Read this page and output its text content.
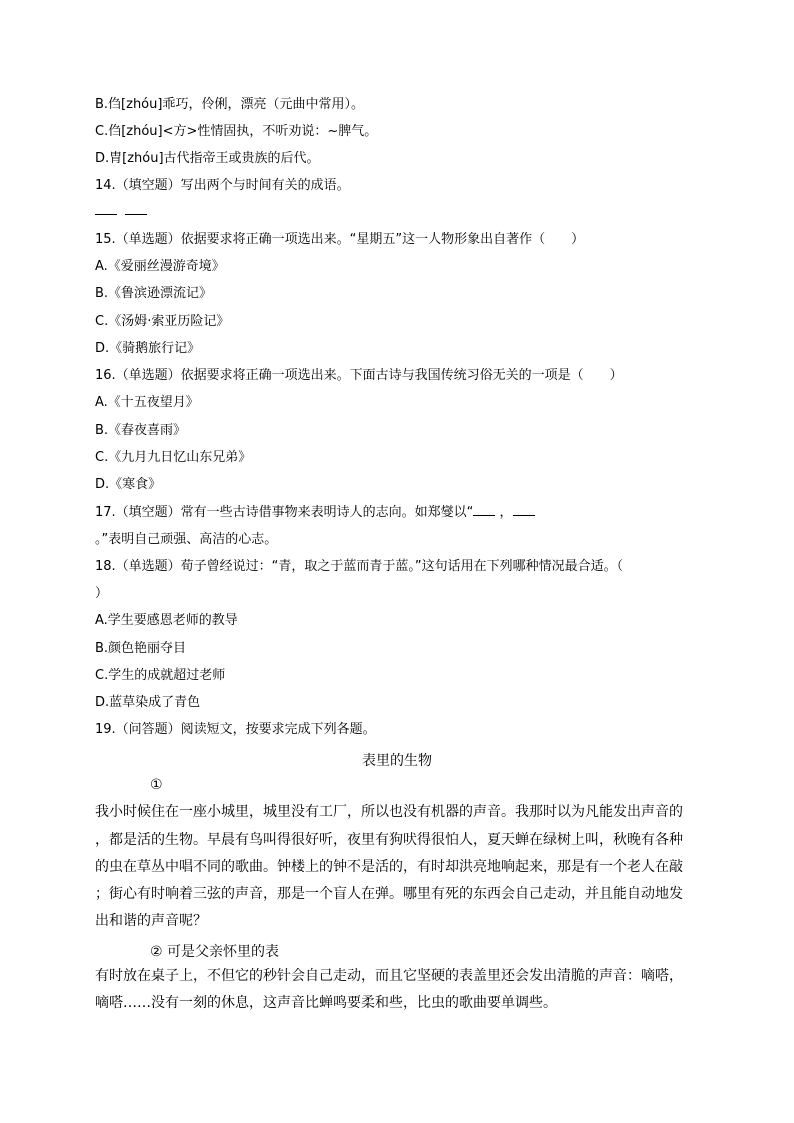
B.㑇[zhóu]乖巧，伶俐，漂亮（元曲中常用）。
C.㑇[zhóu]<方>性情固执，不听劝说：~脾气。
D.胄[zhóu]古代指帝王或贵族的后代。
14.（填空题）写出两个与时间有关的成语。

15.（单选题）依据要求将正确一项选出来。“星期五”这一人物形象出自著作（　　）
A.《爱丽丝漫游奇境》
B.《鲁滨逊漂流记》
C.《汤姆·索亚历险记》
D.《骑鹅旅行记》
16.（单选题）依据要求将正确一项选出来。下面古诗与我国传统习俗无关的一项是（　　）
A.《十五夜望月》
B.《春夜喜雨》
C.《九月九日忆山东兄弟》
D.《寒食》
17.（填空题）常有一些古诗借事物来表明诗人的志向。如郑燮以“ ，
。”表明自己顽强、高洁的心志。
18.（单选题）荀子曾经说过：“青，取之于蓝而青于蓝。”这句话用在下列哪种情况最合适。（
）
A.学生要感恩老师的教导
B.颜色艳丽夺目
C.学生的成就超过老师
D.蓝草染成了青色
19.（问答题）阅读短文，按要求完成下列各题。
表里的生物
①
我小时候住在一座小城里，城里没有工厂，所以也没有机器的声音。我那时以为凡能发出声音的
，都是活的生物。早晨有鸟叫得很好听，夜里有狗吠得很怕人，夏天蝉在绿树上叫，秋晚有各种
的虫在草丛中唱不同的歌曲。钟楼上的钟不是活的，有时却洪亮地响起来，那是有一个老人在敲
；街心有时响着三弦的声音，那是一个盲人在弹。哪里有死的东西会自己走动，并且能自动地发
出和谐的声音呢？
② 可是父亲怀里的表
有时放在桌子上，不但它的秒针会自己走动，而且它坚硬的表盖里还会发出清脆的声音：嘀嗒，
嘀嗒……没有一刻的休息，这声音比蝉鸣要柔和些，比虫的歌曲要单调些。
